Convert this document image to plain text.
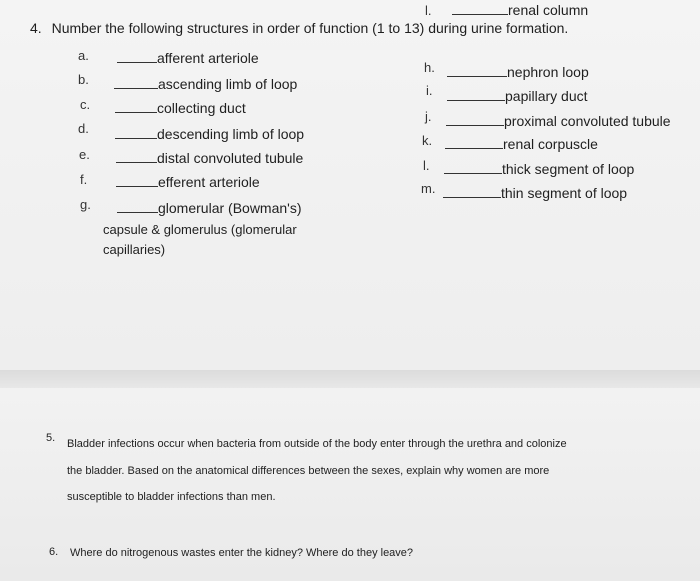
l.	renal column
4. Number the following structures in order of function (1 to 13) during urine formation.
a.	afferent arteriole
b.	ascending limb of loop
c.	collecting duct
d.	descending limb of loop
e.	distal convoluted tubule
f.	efferent arteriole
g.	glomerular (Bowman's)
capsule & glomerulus (glomerular
capillaries)
h.	nephron loop
i.	papillary duct
j.	proximal convoluted tubule
k.	renal corpuscle
l.	thick segment of loop
m.	thin segment of loop
5. Bladder infections occur when bacteria from outside of the body enter through the urethra and colonize
the bladder. Based on the anatomical differences between the sexes, explain why women are more
susceptible to bladder infections than men.
6. Where do nitrogenous wastes enter the kidney? Where do they leave?
